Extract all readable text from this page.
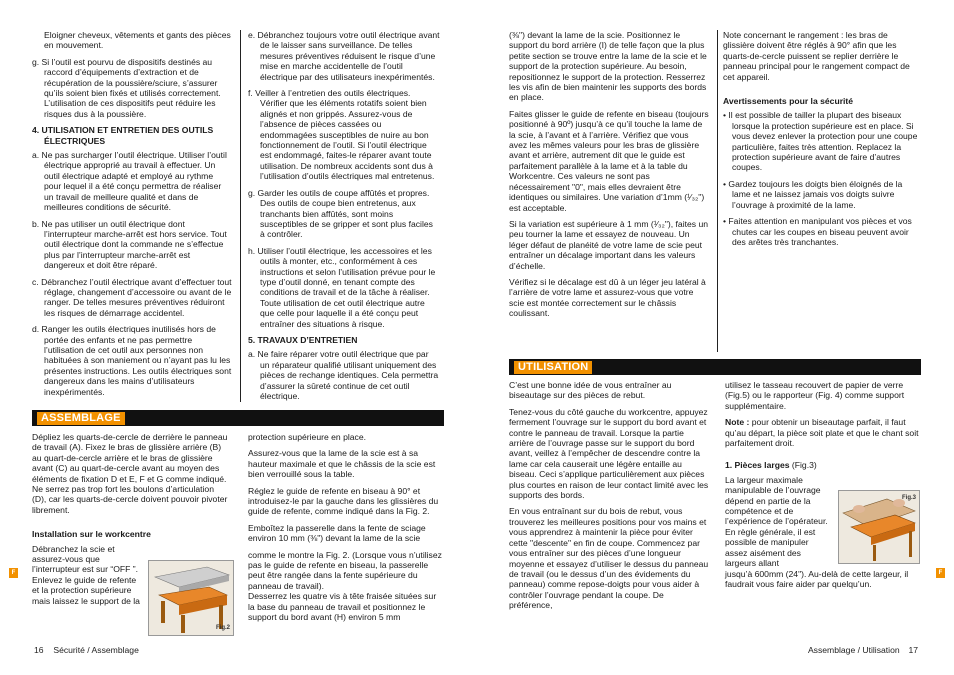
Eloigner cheveux, vêtements et gants des pièces en mouvement.

g. Si l’outil est pourvu de dispositifs destinés au raccord d’équipements d’extraction et de récupération de la poussière/sciure, s’assurer qu’ils soient bien fixés et utilisés correctement. L’utilisation de ces dispositifs peut réduire les risques dus à la poussière.

4. UTILISATION ET ENTRETIEN DES OUTILS ÉLECTRIQUES

a. Ne pas surcharger l’outil électrique. Utiliser l’outil électrique approprié au travail à effectuer. Un outil électrique adapté et employé au rythme pour lequel il a été conçu permettra de réaliser un travail de meilleure qualité et dans de meilleures conditions de sécurité.

b. Ne pas utiliser un outil électrique dont l’interrupteur marche-arrêt est hors service. Tout outil électrique dont la commande ne s’effectue plus par l’interrupteur marche-arrêt est dangereux et doit être réparé.

c. Débranchez l’outil électrique avant d’effectuer tout réglage, changement d’accessoire ou avant de le ranger. De telles mesures préventives réduiront les risques de démarrage accidentel.

d. Ranger les outils électriques inutilisés hors de portée des enfants et ne pas permettre l’utilisation de cet outil aux personnes non habituées à son maniement ou n’ayant pas lu les présentes instructions. Les outils électriques sont dangereux dans les mains d’utilisateurs inexpérimentés.

e. Débranchez toujours votre outil électrique avant de le laisser sans surveillance. De telles mesures préventives réduisent le risque d’une mise en marche accidentelle de l’outil électrique par des utilisateurs inexpérimentés.

f. Veiller à l’entretien des outils électriques. Vérifier que les éléments rotatifs soient bien alignés et non grippés. Assurez-vous de l’absence de pièces cassées ou endommagées susceptibles de nuire au bon fonctionnement de l’outil. Si l’outil électrique est endommagé, faites-le réparer avant toute utilisation. De nombreux accidents sont dus à l’utilisation d’outils électriques mal entretenus.

g. Garder les outils de coupe affûtés et propres. Des outils de coupe bien entretenus, aux tranchants bien affûtés, sont moins susceptibles de se gripper et sont plus faciles à contrôler.

h. Utiliser l’outil électrique, les accessoires et les outils à monter, etc., conformément à ces instructions et selon l’utilisation prévue pour le type d’outil donné, en tenant compte des conditions de travail et de la tâche à réaliser. Toute utilisation de cet outil électrique autre que celle pour laquelle il a été conçu peut entraîner des situations à risque.

5. TRAVAUX D’ENTRETIEN

a. Ne faire réparer votre outil électrique que par un réparateur qualifié utilisant uniquement des pièces de rechange identiques. Cela permettra d’assurer la sûreté continue de cet outil électrique.

ASSEMBLAGE

Dépliez les quarts-de-cercle de derrière le panneau de travail (A). Fixez le bras de glissière arrière (B) au quart-de-cercle arrière et le bras de glissière avant (C) au quart-de-cercle avant au moyen des éléments de fixation D et E, F et G comme indiqué. Ne serrez pas trop fort les boulons d’articulation (D), car les quarts-de-cercle doivent pouvoir pivoter librement.

Installation sur le workcentre

Débranchez la scie et assurez-vous que l’interrupteur est sur “OFF ”. Enlevez le guide de refente et la protection supérieure mais laissez le support de la

Fig.2

protection supérieure en place.

Assurez-vous que la lame de la scie est à sa hauteur maximale et que le châssis de la scie est bien verrouillé sous la table.

Réglez le guide de refente en biseau à 90° et introduisez-le par la gauche dans les glissières du guide de refente, comme indiqué dans la Fig. 2.

Emboîtez la passerelle dans la fente de sciage environ 10 mm (⅜") devant la lame de la scie

comme le montre la Fig. 2. (Lorsque vous n’utilisez pas le guide de refente en biseau, la passerelle peut être rangée dans la fente supérieure du panneau de travail).
Desserrez les quatre vis à tête fraisée situées sur la base du panneau de travail et positionnez le support du bord avant (H) environ 5 mm

F
16 Sécurité / Assemblage

(⅜") devant la lame de la scie. Positionnez le support du bord arrière (I) de telle façon que la plus petite section se trouve entre la lame de la scie et le support de la protection supérieure. Au besoin, repositionnez le support de la protection. Resserrez les vis afin de bien maintenir les supports des bords en place.

Faites glisser le guide de refente en biseau (toujours positionné à 90º) jusqu’à ce qu’il touche la lame de la scie, à l’avant et à l’arrière. Vérifiez que vous avez les mêmes valeurs pour les bras de glissière avant et arrière, autrement dit que le guide est parfaitement parallèle à la lame et à la table du Workcentre. Ces valeurs ne sont pas nécessairement "0", mais elles devraient être identiques ou similaires. Une variation d’1mm (¹⁄₃₂") est acceptable.

Si la variation est supérieure à 1 mm (¹⁄₃₂"), faites un peu tourner la lame et essayez de nouveau. Un léger défaut de planéité de votre lame de scie peut entraîner un décalage important dans les valeurs d’échelle.

Vérifiez si le décalage est dû à un léger jeu latéral à l’arrière de votre lame et assurez-vous que votre scie est montée correctement sur le châssis coulissant.

Note concernant le rangement : les bras de glissière doivent être réglés à 90° afin que les quarts-de-cercle puissent se replier derrière le panneau principal pour le rangement compact de cet appareil.

Avertissements pour la sécurité

• Il est possible de tailler la plupart des biseaux lorsque la protection supérieure est en place. Si vous devez enlever la protection pour une coupe particulière, faites très attention. Replacez la protection supérieure avant de faire d’autres coupes.
• Gardez toujours les doigts bien éloignés de la lame et ne laissez jamais vos doigts suivre l’ouvrage à proximité de la lame.
• Faites attention en manipulant vos pièces et vos chutes car les coupes en biseau peuvent avoir des arêtes très tranchantes.
UTILISATION

C’est une bonne idée de vous entraîner au biseautage sur des pièces de rebut.

Tenez-vous du côté gauche du workcentre, appuyez fermement l’ouvrage sur le support du bord avant et contre le panneau de travail. Lorsque la partie arrière de l’ouvrage passe sur le support du bord avant, veillez à l’empêcher de descendre contre la lame car cela causerait une légère entaille au biseau. Ceci s’applique particulièrement aux pièces plus courtes en raison de leur contact limité avec les supports des bords.

En vous entraînant sur du bois de rebut, vous trouverez les meilleures positions pour vos mains et vous apprendrez à maintenir la pièce pour éviter cette "descente" en fin de coupe. Commencez par vous entraîner sur des pièces d’une longueur moyenne et essayez d’utiliser le dessus du panneau de travail (ou le dessus d’un des évidements du panneau) comme repose-doigts pour vous aider à contrôler l’ouvrage pendant la coupe. De préférence,

utilisez le tasseau recouvert de papier de verre (Fig.5) ou le rapporteur (Fig. 4) comme support supplémentaire.

Note : pour obtenir un biseautage parfait, il faut qu’au départ, la pièce soit plate et que le chant soit parfaitement droit.

1. Pièces larges (Fig.3)

La largeur maximale manipulable de l’ouvrage dépend en partie de la compétence et de l’expérience de l’opérateur. En règle générale, il est possible de manipuler assez aisément des largeurs allant

jusqu’à 600mm (24"). Au-delà de cette largeur, il faudrait vous faire aider par quelqu’un.

Fig.3
F
Assemblage / Utilisation 17
